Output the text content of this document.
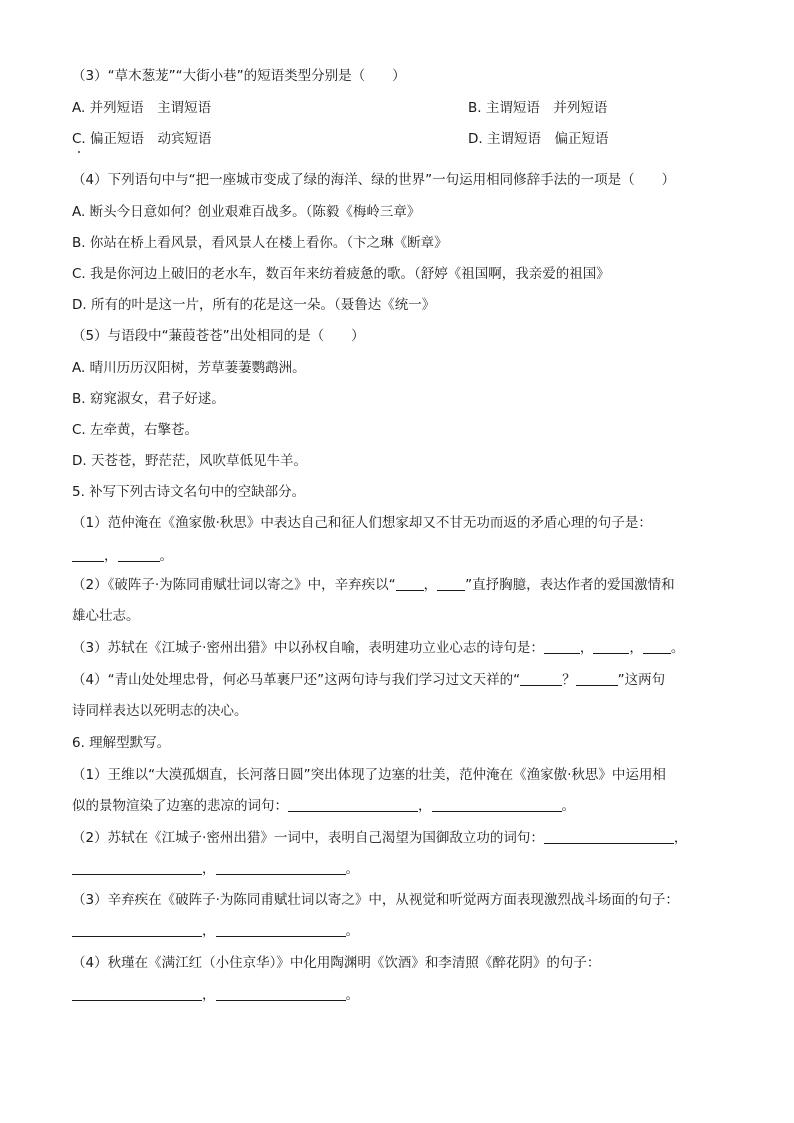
（3）“草木葱茏”“大街小巷”的短语类型分别是（　　）
A. 并列短语　主谓短语	B. 主谓短语　并列短语
C. 偏正短语　动宾短语	D. 主谓短语　偏正短语
（4）下列语句中与“把一座城市变成了绿的海洋、绿的世界”一句运用相同修辞手法的一项是（　　）
A. 断头今日意如何？创业艰难百战多。（陈毅《梅岭三章》
B. 你站在桥上看风景，看风景人在楼上看你。（卞之琳《断章》
C. 我是你河边上破旧的老水车，数百年来纺着疲惫的歌。（舒婷《祖国啊，我亲爱的祖国》
D. 所有的叶是这一片，所有的花是这一朵。（聂鲁达《统一》
（5）与语段中“蒹葭苍苍”出处相同的是（　　）
A. 晴川历历汉阳树，芳草萋萋鹦鹉洲。
B. 窈窕淑女，君子好逑。
C. 左牵黄，右擎苍。
D. 天苍苍，野茫茫，风吹草低见牛羊。
5. 补写下列古诗文名句中的空缺部分。
（1）范仲淹在《渔家傲·秋思》中表达自己和征人们想家却又不甘无功而返的矛盾心理的句子是：
，	。
（2）《破阵子·为陈同甫赋壮词以寄之》中，辛弃疾以“ ， ”直抒胸臆，表达作者的爱国激情和
雄心壮志。
（3）苏轼在《江城子·密州出猎》中以孙权自喻，表明建功立业心志的诗句是：	，	， 。
（4）“青山处处埋忠骨，何必马革裹尸还”这两句诗与我们学习过文天祥的“	？	”这两句
诗同样表达以死明志的决心。
6. 理解型默写。
（1）王维以“大漠孤烟直，长河落日圆”突出体现了边塞的壮美，范仲淹在《渔家傲·秋思》中运用相
似的景物渲染了边塞的悲凉的词句：	，	。
（2）苏轼在《江城子·密州出猎》一词中，表明自己渴望为国御敌立功的词句：	，
，	。
（3）辛弃疾在《破阵子·为陈同甫赋壮词以寄之》中，从视觉和听觉两方面表现激烈战斗场面的句子：
，	。
（4）秋瑾在《满江红（小住京华）》中化用陶渊明《饮酒》和李清照《醉花阴》的句子：
，	。
